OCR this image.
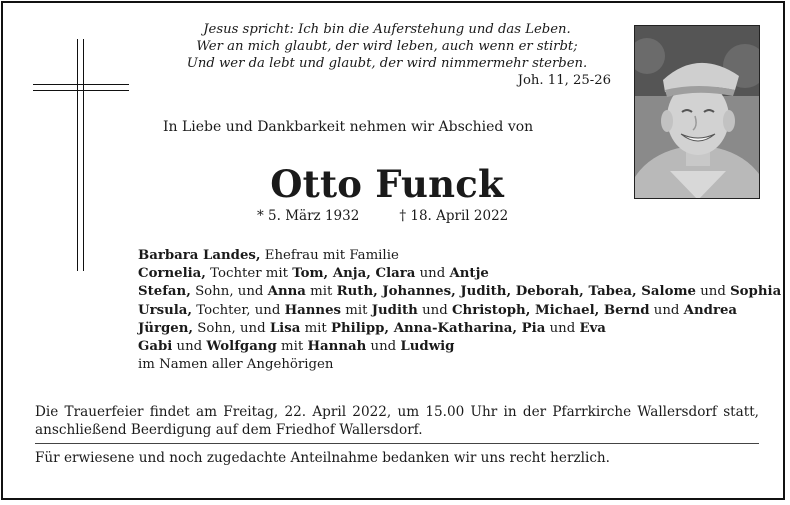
Jesus spricht: Ich bin die Auferstehung und das Leben.
Wer an mich glaubt, der wird leben, auch wenn er stirbt;
Und wer da lebt und glaubt, der wird nimmermehr sterben.
Joh. 11, 25-26
In Liebe und Dankbarkeit nehmen wir Abschied von
Otto Funck
* 5. März 1932	† 18. April 2022
Barbara Landes, Ehefrau mit Familie
Cornelia, Tochter mit Tom, Anja, Clara und Antje
Stefan, Sohn, und Anna mit Ruth, Johannes, Judith, Deborah, Tabea, Salome und Sophia
Ursula, Tochter, und Hannes mit Judith und Christoph, Michael, Bernd und Andrea
Jürgen, Sohn, und Lisa mit Philipp, Anna-Katharina, Pia und Eva
Gabi und Wolfgang mit Hannah und Ludwig
im Namen aller Angehörigen
Die Trauerfeier findet am Freitag, 22. April 2022, um 15.00 Uhr in der Pfarrkirche Wallersdorf statt, anschließend Beerdigung auf dem Friedhof Wallersdorf.
Für erwiesene und noch zugedachte Anteilnahme bedanken wir uns recht herzlich.
